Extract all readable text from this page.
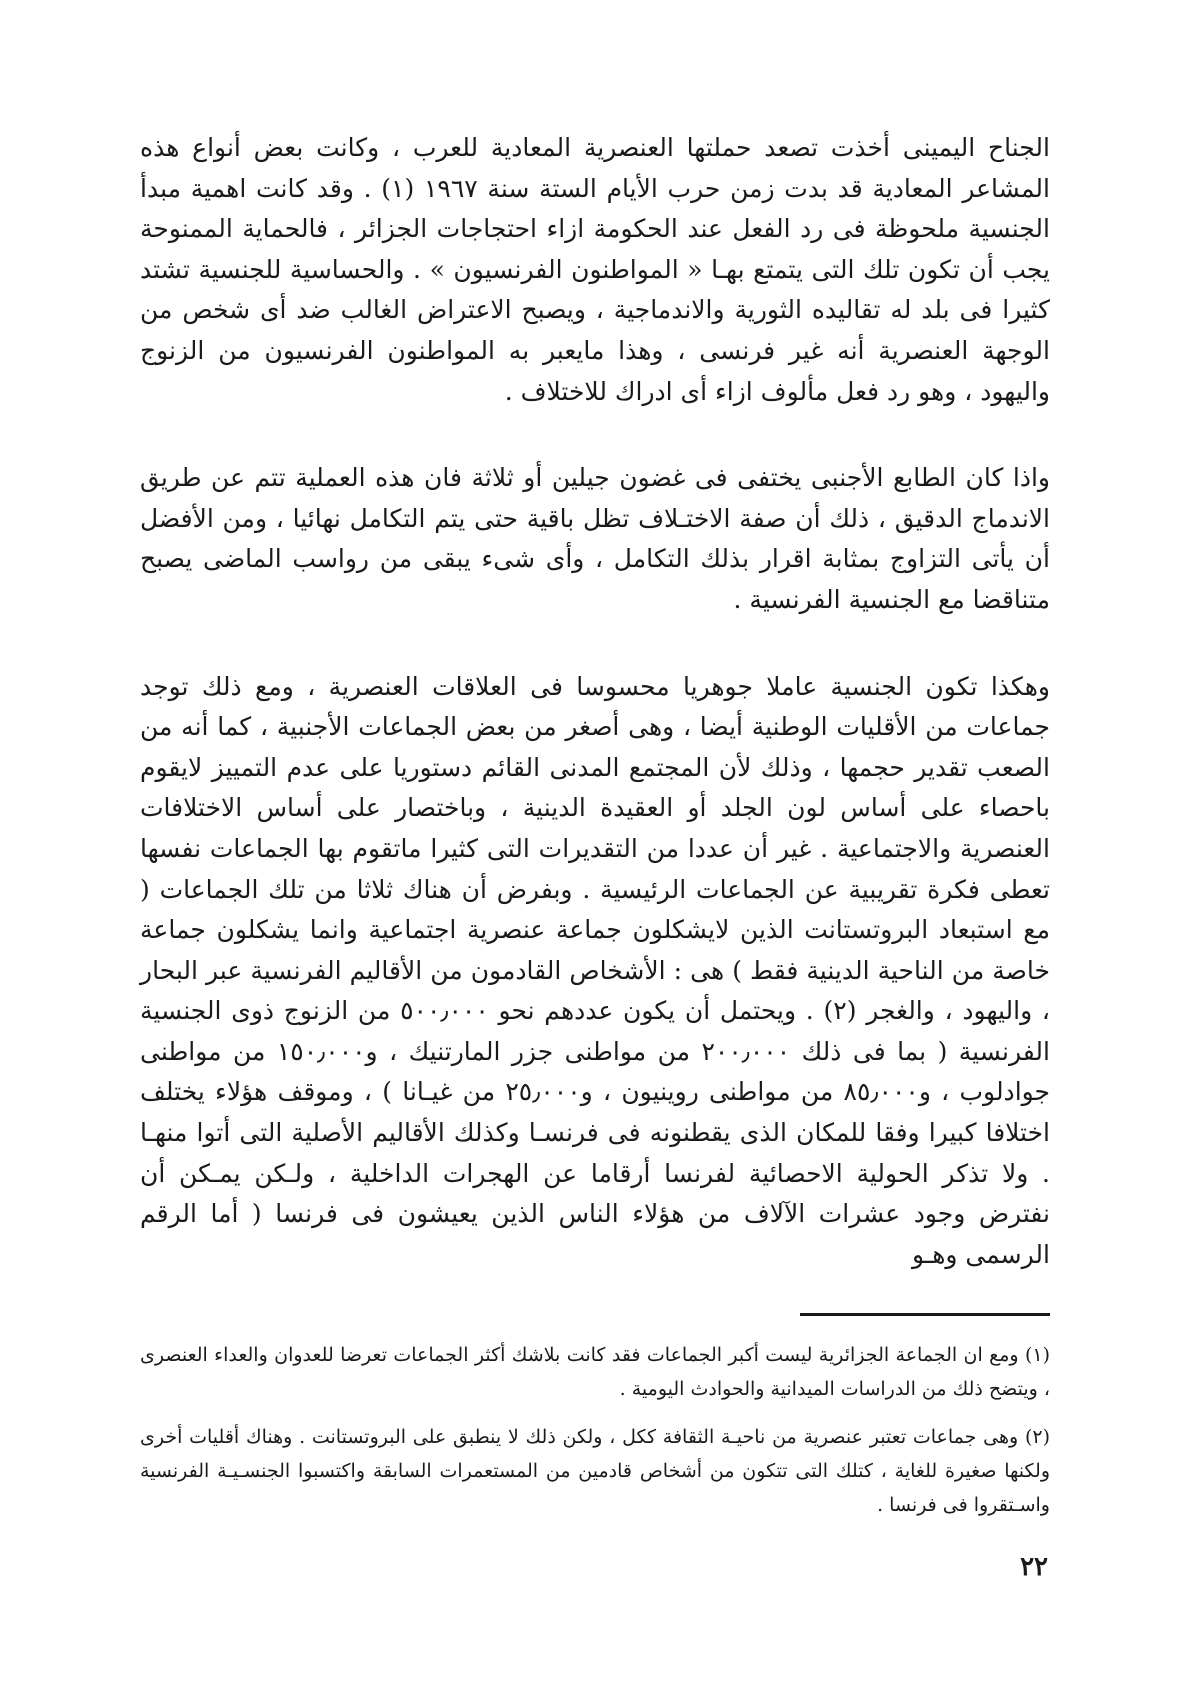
الجناح اليمينى أخذت تصعد حملتها العنصرية المعادية للعرب ، وكانت بعض أنواع هذه المشاعر المعادية قد بدت زمن حرب الأيام الستة سنة ١٩٦٧ (١) . وقد كانت اهمية مبدأ الجنسية ملحوظة فى رد الفعل عند الحكومة ازاء احتجاجات الجزائر ، فالحماية الممنوحة يجب أن تكون تلك التى يتمتع بهـا « المواطنون الفرنسيون » . والحساسية للجنسية تشتد كثيرا فى بلد له تقاليده الثورية والاندماجية ، ويصبح الاعتراض الغالب ضد أى شخص من الوجهة العنصرية أنه غير فرنسى ، وهذا مايعبر به المواطنون الفرنسيون من الزنوج واليهود ، وهو رد فعل مألوف ازاء أى ادراك للاختلاف .

واذا كان الطابع الأجنبى يختفى فى غضون جيلين أو ثلاثة فان هذه العملية تتم عن طريق الاندماج الدقيق ، ذلك أن صفة الاختـلاف تظل باقية حتى يتم التكامل نهائيا ، ومن الأفضل أن يأتى التزاوج بمثابة اقرار بذلك التكامل ، وأى شىء يبقى من رواسب الماضى يصبح متناقضا مع الجنسية الفرنسية .

وهكذا تكون الجنسية عاملا جوهريا محسوسا فى العلاقات العنصرية ، ومع ذلك توجد جماعات من الأقليات الوطنية أيضا ، وهى أصغر من بعض الجماعات الأجنبية ، كما أنه من الصعب تقدير حجمها ، وذلك لأن المجتمع المدنى القائم دستوريا على عدم التمييز لايقوم باحصاء على أساس لون الجلد أو العقيدة الدينية ، وباختصار على أساس الاختلافات العنصرية والاجتماعية . غير أن عددا من التقديرات التى كثيرا ماتقوم بها الجماعات نفسها تعطى فكرة تقريبية عن الجماعات الرئيسية . وبفرض أن هناك ثلاثا من تلك الجماعات ( مع استبعاد البروتستانت الذين لايشكلون جماعة عنصرية اجتماعية وانما يشكلون جماعة خاصة من الناحية الدينية فقط ) هى : الأشخاص القادمون من الأقاليم الفرنسية عبر البحار ، واليهود ، والغجر (٢) . ويحتمل أن يكون عددهم نحو ٥٠٠٫٠٠٠ من الزنوج ذوى الجنسية الفرنسية ( بما فى ذلك ٢٠٠٫٠٠٠ من مواطنى جزر المارتنيك ، و١٥٠٫٠٠٠ من مواطنى جوادلوب ، و٨٥٫٠٠٠ من مواطنى روينيون ، و٢٥٫٠٠٠ من غيـانا ) ، وموقف هؤلاء يختلف اختلافا كبيرا وفقا للمكان الذى يقطنونه فى فرنسـا وكذلك الأقاليم الأصلية التى أتوا منهـا . ولا تذكر الحولية الاحصائية لفرنسا أرقاما عن الهجرات الداخلية ، ولـكن يمـكن أن نفترض وجود عشرات الآلاف من هؤلاء الناس الذين يعيشون فى فرنسا ( أما الرقم الرسمى وهـو

(١) ومع ان الجماعة الجزائرية ليست أكبر الجماعات فقد كانت بلاشك أكثر الجماعات تعرضا للعدوان والعداء العنصرى ، ويتضح ذلك من الدراسات الميدانية والحوادث اليومية .

(٢) وهى جماعات تعتبر عنصرية من ناحيـة الثقافة ككل ، ولكن ذلك لا ينطبق على البروتستانت . وهناك أقليات أخرى ولكنها صغيرة للغاية ، كتلك التى تتكون من أشخاص قادمين من المستعمرات السابقة واكتسبوا الجنسـيـة الفرنسية واسـتقروا فى فرنسا .

٢٢
